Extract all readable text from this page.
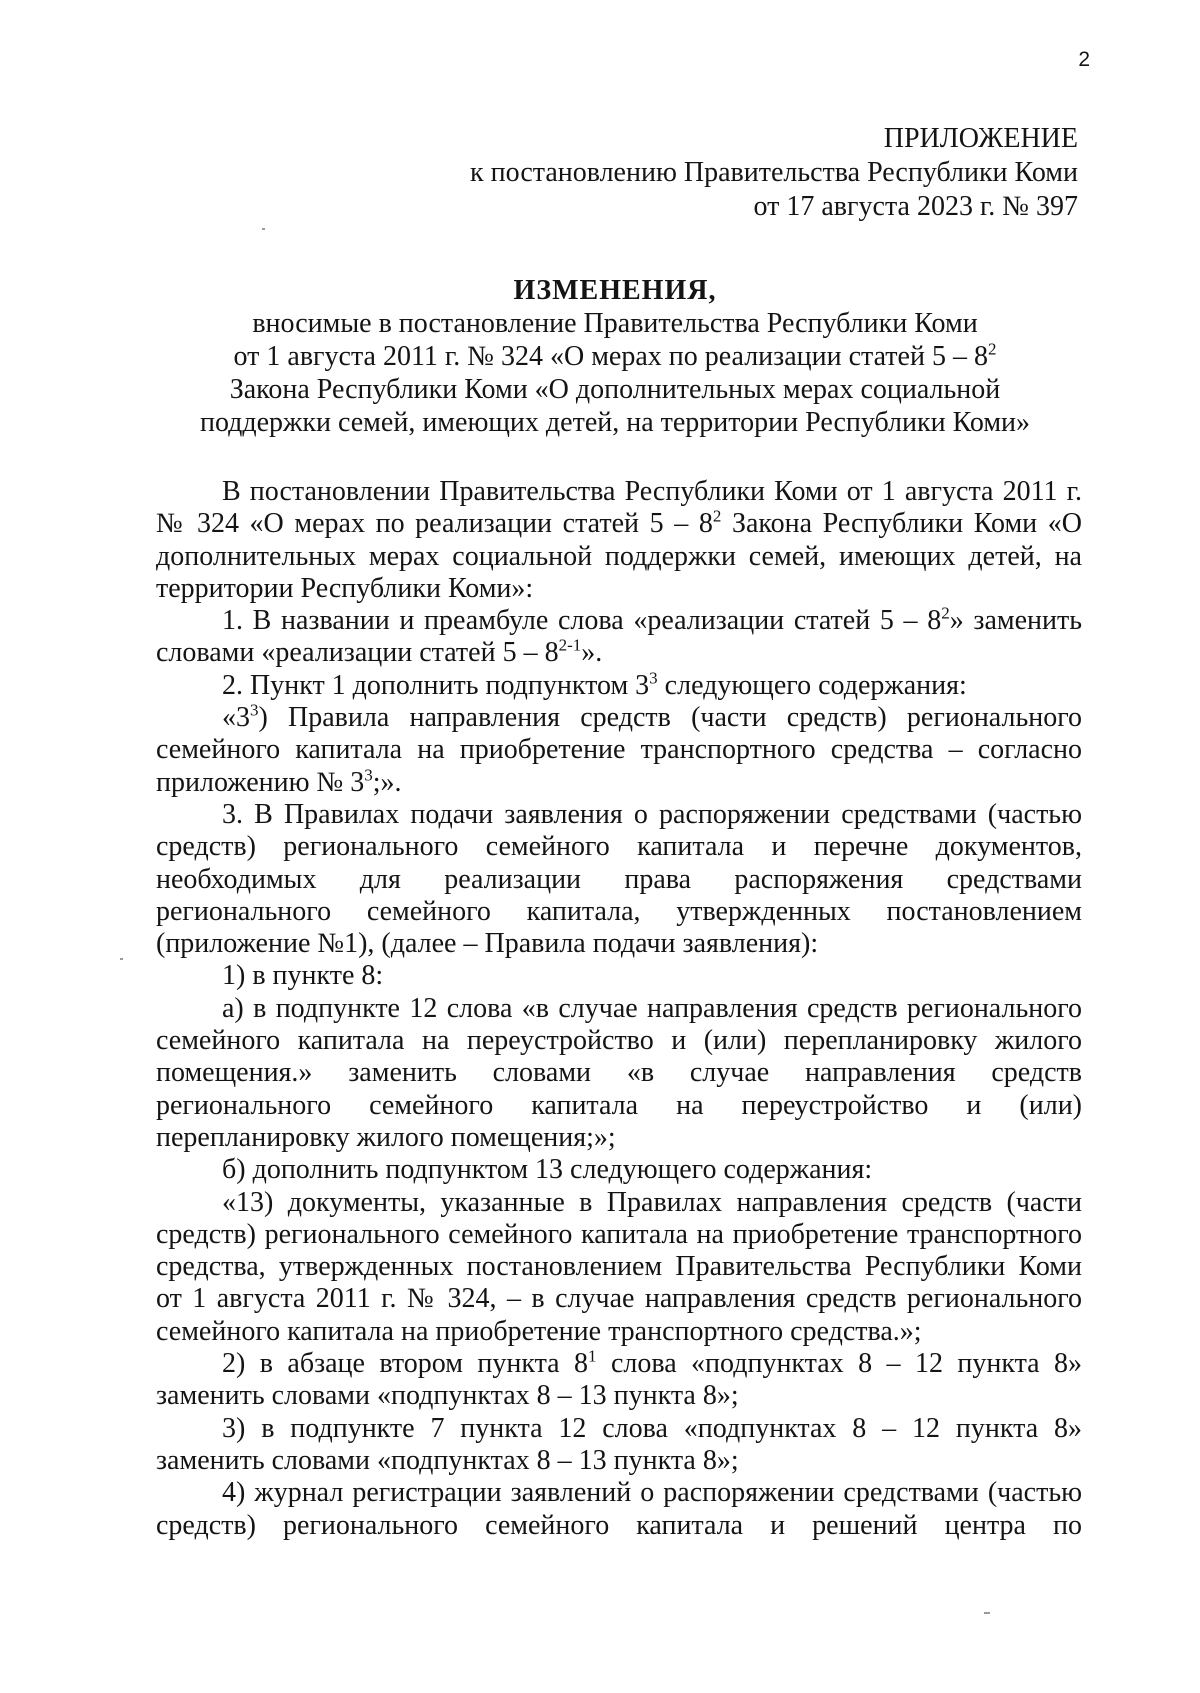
2
ПРИЛОЖЕНИЕ
к постановлению Правительства Республики Коми
от 17 августа 2023 г. № 397
ИЗМЕНЕНИЯ,
вносимые в постановление Правительства Республики Коми
от 1 августа 2011 г. № 324 «О мерах по реализации статей $5 - 8^2$
Закона Республики Коми «О дополнительных мерах социальной
поддержки семей, имеющих детей, на территории Республики Коми»

В постановлении Правительства Республики Коми от 1 августа 2011 г. № 324 «О мерах по реализации статей $5 - 8^2$ Закона Республики Коми «О дополнительных мерах социальной поддержки семей, имеющих детей, на территории Республики Коми»:

1. В названии и преамбуле слова «реализации статей $5 - 8^2$» заменить словами «реализации статей 5 – 8$^{2-1}$».

2. Пункт 1 дополнить подпунктом $3^3$ следующего содержания:

«$3^3$) Правила направления средств (части средств) регионального семейного капитала на приобретение транспортного средства – согласно приложению № $3^3$;».

3. В Правилах подачи заявления о распоряжении средствами (частью средств) регионального семейного капитала и перечне документов, необходимых для реализации права распоряжения средствами регионального семейного капитала, утвержденных постановлением (приложение №1), (далее – Правила подачи заявления):

1) в пункте 8:

а) в подпункте 12 слова «в случае направления средств регионального семейного капитала на переустройство и (или) перепланировку жилого помещения.» заменить словами «в случае направления средств регионального семейного капитала на переустройство и (или) перепланировку жилого помещения;»;

б) дополнить подпунктом 13 следующего содержания:

«13) документы, указанные в Правилах направления средств (части средств) регионального семейного капитала на приобретение транспортного средства, утвержденных постановлением Правительства Республики Коми от 1 августа 2011 г. № 324, – в случае направления средств регионального семейного капитала на приобретение транспортного средства.»;

2) в абзаце втором пункта $8^1$ слова «подпунктах 8 – 12 пункта 8» заменить словами «подпунктах 8 – 13 пункта 8»;

3) в подпункте 7 пункта 12 слова «подпунктах 8 – 12 пункта 8» заменить словами «подпунктах 8 – 13 пункта 8»;

4) журнал регистрации заявлений о распоряжении средствами (частью средств) регионального семейного капитала и решений центра по
